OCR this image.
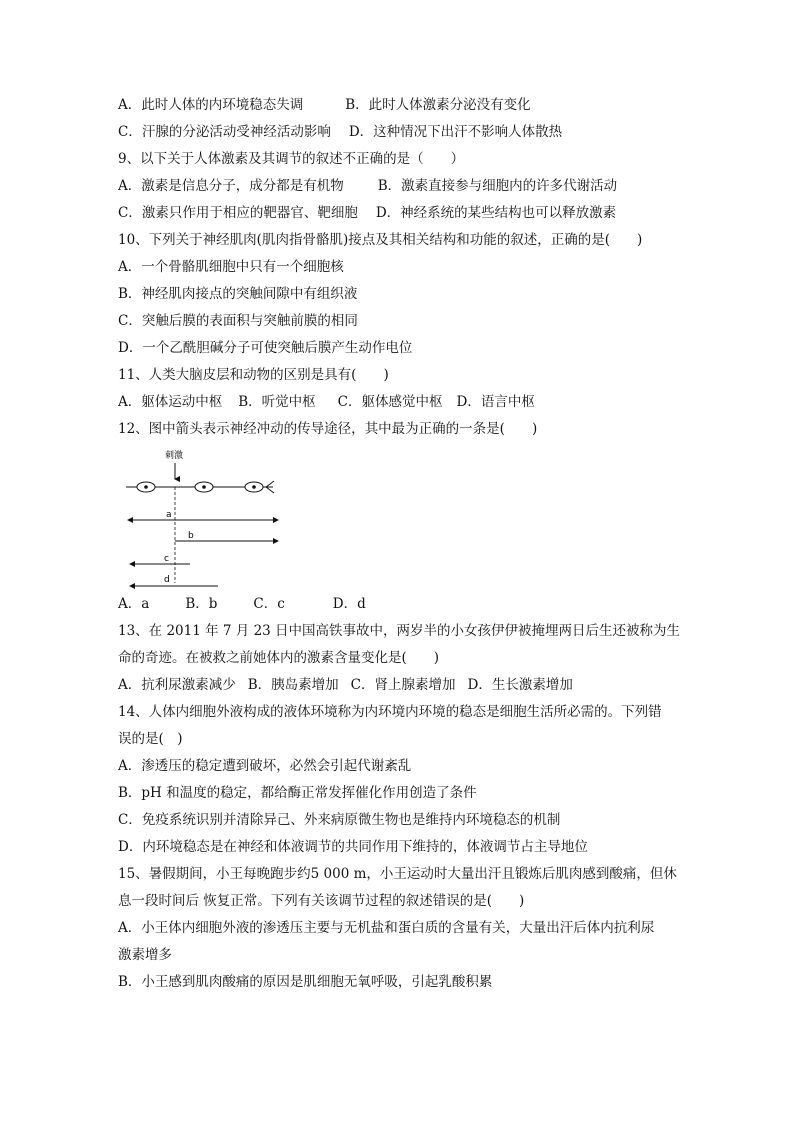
A．此时人体的内环境稳态失调	B．此时人体激素分泌没有变化
C．汗腺的分泌活动受神经活动影响 D．这种情况下出汗不影响人体散热
9、以下关于人体激素及其调节的叙述不正确的是（　　）
A．激素是信息分子，成分都是有机物	B．激素直接参与细胞内的许多代谢活动
C．激素只作用于相应的靶器官、靶细胞 D．神经系统的某些结构也可以释放激素
10、下列关于神经肌肉(肌肉指骨骼肌)接点及其相关结构和功能的叙述，正确的是(　　)
A．一个骨骼肌细胞中只有一个细胞核
B．神经肌肉接点的突触间隙中有组织液
C．突触后膜的表面积与突触前膜的相同
D．一个乙酰胆碱分子可使突触后膜产生动作电位
11、人类大脑皮层和动物的区别是具有(　　)
A．躯体运动中枢 B．听觉中枢 C．躯体感觉中枢 D．语言中枢
12、图中箭头表示神经冲动的传导途径，其中最为正确的一条是(　　)
刺激
a
b
c
d
A．a	B．b	C．c	D．d
13、在 2011 年 7 月 23 日中国高铁事故中，两岁半的小女孩伊伊被掩埋两日后生还被称为生
命的奇迹。在被救之前她体内的激素含量变化是(　　)
A．抗利尿激素减少 B．胰岛素增加 C．肾上腺素增加 D．生长激素增加
14、人体内细胞外液构成的液体环境称为内环境内环境的稳态是细胞生活所必需的。下列错
误的是(　)
A．渗透压的稳定遭到破坏，必然会引起代谢紊乱
B．pH 和温度的稳定，都给酶正常发挥催化作用创造了条件
C．免疫系统识别并清除异己、外来病原微生物也是维持内环境稳态的机制
D．内环境稳态是在神经和体液调节的共同作用下维持的，体液调节占主导地位
15、暑假期间，小王每晚跑步约5 000 m，小王运动时大量出汗且锻炼后肌肉感到酸痛，但休
息一段时间后 恢复正常。下列有关该调节过程的叙述错误的是(　　)
A．小王体内细胞外液的渗透压主要与无机盐和蛋白质的含量有关，大量出汗后体内抗利尿
激素增多
B．小王感到肌肉酸痛的原因是肌细胞无氧呼吸，引起乳酸积累
